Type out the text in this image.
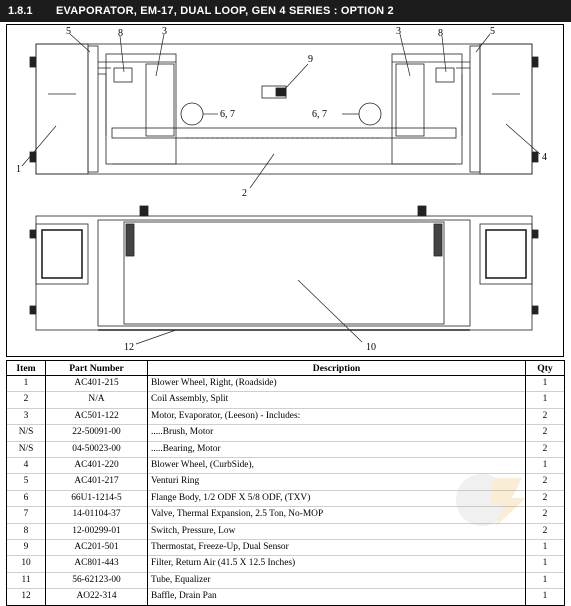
1.8.1	EVAPORATOR, EM-17, DUAL LOOP, GEN 4 SERIES : OPTION 2
1
4
5	5
8	8
3	3
9
6, 7	6, 7
2
12	10
Item	Part Number	Description	Qty
1	AC401-215	Blower Wheel, Right, (Roadside)	1
2	N/A	Coil Assembly, Split	1
3	AC501-122	Motor, Evaporator, (Leeson) - Includes:	2
N/S	22-50091-00	.....Brush, Motor	2
N/S	04-50023-00	.....Bearing, Motor	2
4	AC401-220	Blower Wheel, (CurbSide),	1
5	AC401-217	Venturi Ring	2
6	66U1-1214-5	Flange Body, 1/2 ODF X 5/8 ODF, (TXV)	2
7	14-01104-37	Valve, Thermal Expansion, 2.5 Ton, No-MOP	2
8	12-00299-01	Switch, Pressure, Low	2
9	AC201-501	Thermostat, Freeze-Up, Dual Sensor	1
10	AC801-443	Filter, Return Air (41.5 X 12.5 Inches)	1
11	56-62123-00	Tube, Equalizer	1
12	AO22-314	Baffle, Drain Pan	1
